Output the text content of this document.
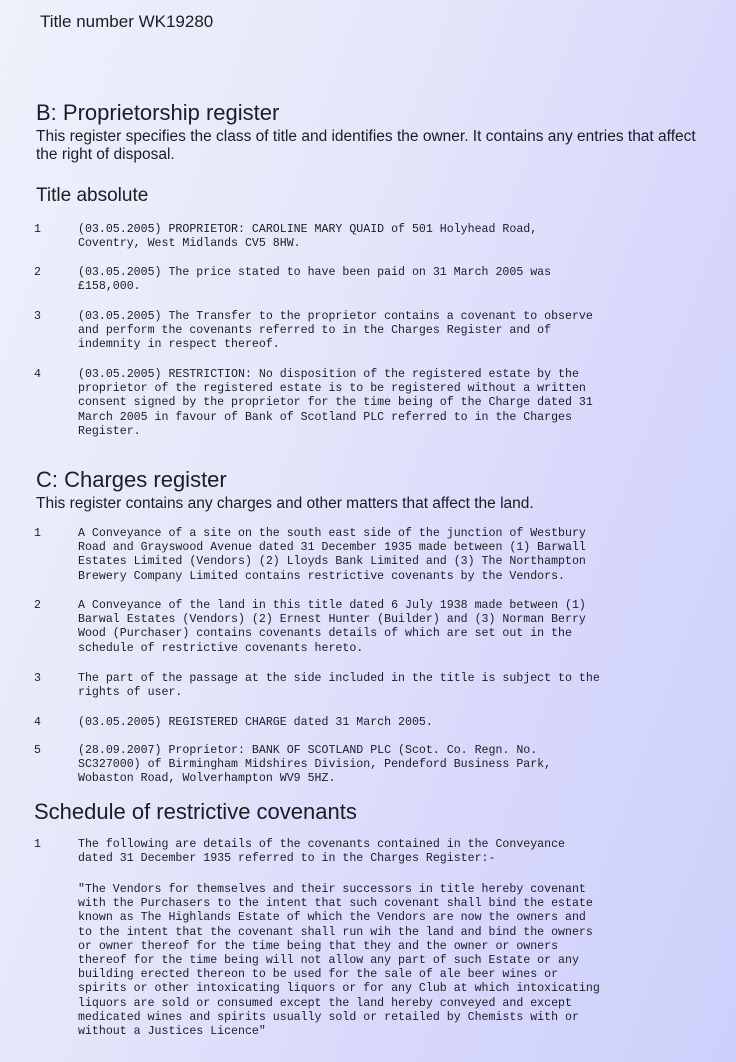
Title number WK19280
B: Proprietorship register
This register specifies the class of title and identifies the owner. It contains any entries that affect the right of disposal.
Title absolute
1	(03.05.2005) PROPRIETOR: CAROLINE MARY QUAID of 501 Holyhead Road,
Coventry, West Midlands CV5 8HW.
2	(03.05.2005) The price stated to have been paid on 31 March 2005 was
£158,000.
3	(03.05.2005) The Transfer to the proprietor contains a covenant to observe
and perform the covenants referred to in the Charges Register and of
indemnity in respect thereof.
4	(03.05.2005) RESTRICTION: No disposition of the registered estate by the
proprietor of the registered estate is to be registered without a written
consent signed by the proprietor for the time being of the Charge dated 31
March 2005 in favour of Bank of Scotland PLC referred to in the Charges
Register.
C: Charges register
This register contains any charges and other matters that affect the land.
1	A Conveyance of a site on the south east side of the junction of Westbury
Road and Grayswood Avenue dated 31 December 1935 made between (1) Barwall
Estates Limited (Vendors) (2) Lloyds Bank Limited and (3) The Northampton
Brewery Company Limited contains restrictive covenants by the Vendors.
2	A Conveyance of the land in this title dated 6 July 1938 made between (1)
Barwal Estates (Vendors) (2) Ernest Hunter (Builder) and (3) Norman Berry
Wood (Purchaser) contains covenants details of which are set out in the
schedule of restrictive covenants hereto.
3	The part of the passage at the side included in the title is subject to the
rights of user.
4	(03.05.2005) REGISTERED CHARGE dated 31 March 2005.
5	(28.09.2007) Proprietor: BANK OF SCOTLAND PLC (Scot. Co. Regn. No.
SC327000) of Birmingham Midshires Division, Pendeford Business Park,
Wobaston Road, Wolverhampton WV9 5HZ.
Schedule of restrictive covenants
1	The following are details of the covenants contained in the Conveyance
dated 31 December 1935 referred to in the Charges Register:-
"The Vendors for themselves and their successors in title hereby covenant
with the Purchasers to the intent that such covenant shall bind the estate
known as The Highlands Estate of which the Vendors are now the owners and
to the intent that the covenant shall run wih the land and bind the owners
or owner thereof for the time being that they and the owner or owners
thereof for the time being will not allow any part of such Estate or any
building erected thereon to be used for the sale of ale beer wines or
spirits or other intoxicating liquors or for any Club at which intoxicating
liquors are sold or consumed except the land hereby conveyed and except
medicated wines and spirits usually sold or retailed by Chemists with or
without a Justices Licence"
